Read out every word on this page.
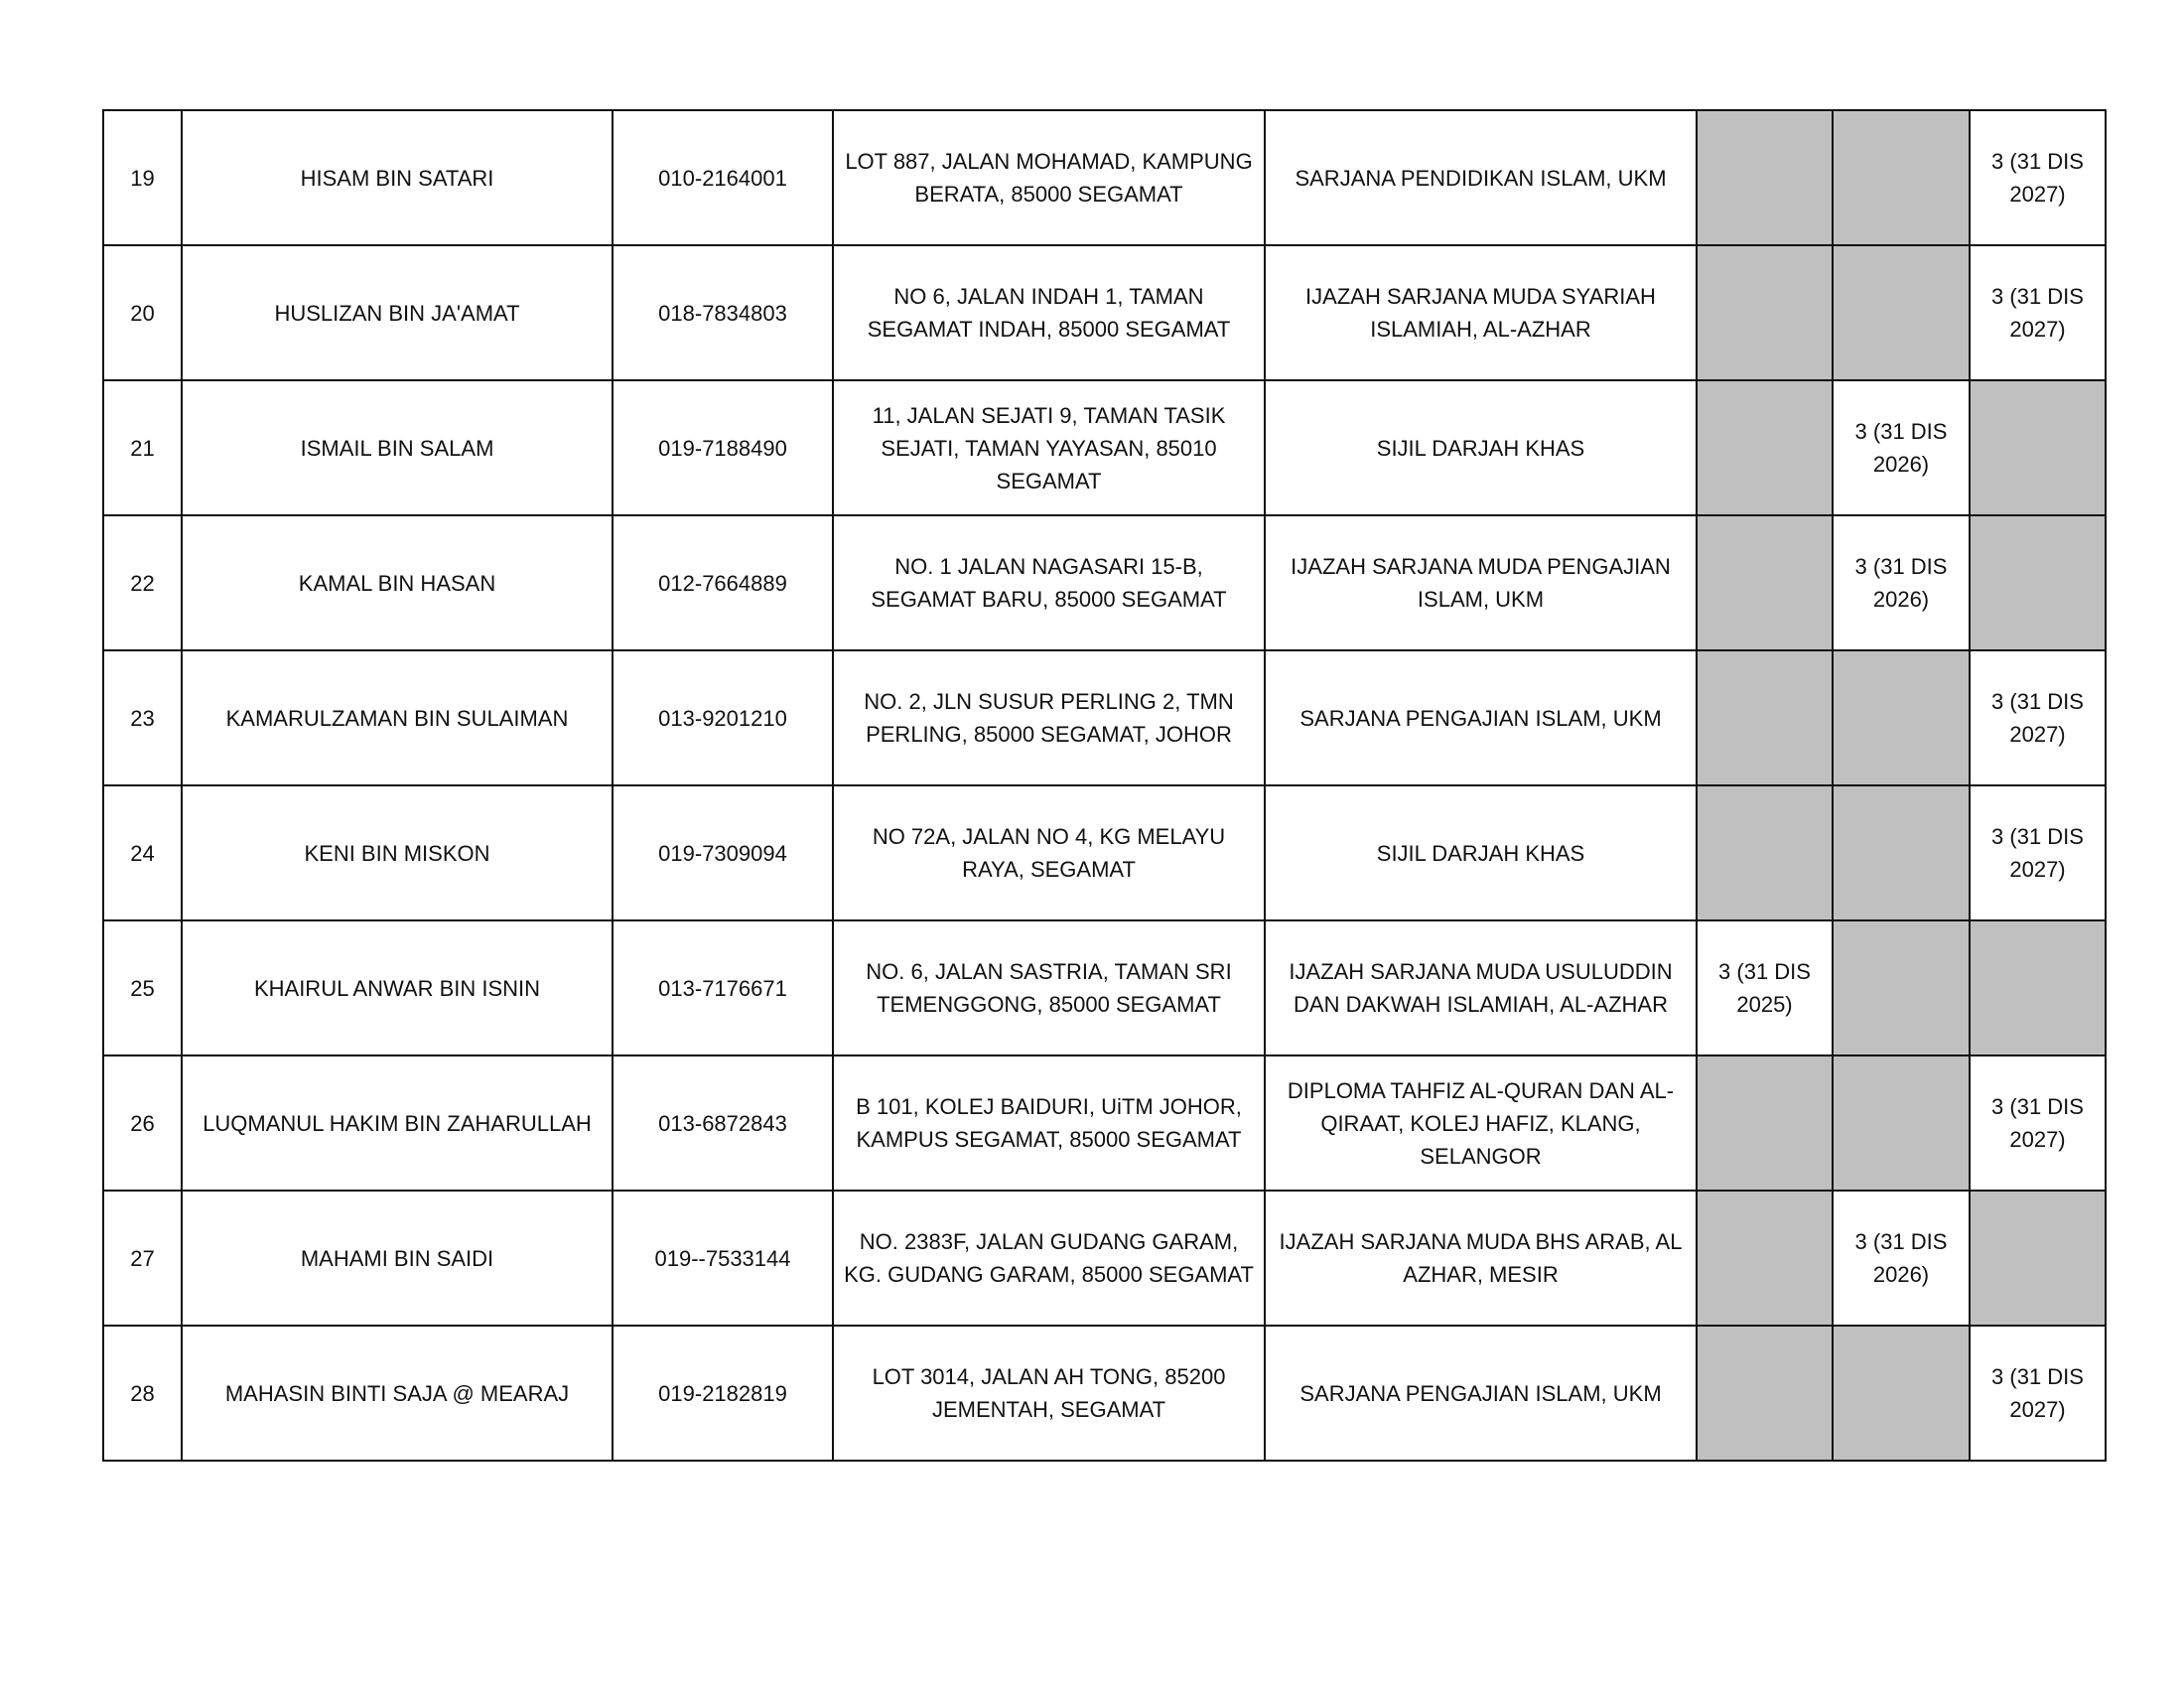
19	HISAM BIN SATARI	010-2164001	LOT 887, JALAN MOHAMAD, KAMPUNG BERATA, 85000 SEGAMAT	SARJANA PENDIDIKAN ISLAM, UKM			3 (31 DIS 2027)

20	HUSLIZAN BIN JA'AMAT	018-7834803	NO 6, JALAN INDAH 1, TAMAN SEGAMAT INDAH, 85000 SEGAMAT	IJAZAH SARJANA MUDA SYARIAH ISLAMIAH, AL-AZHAR			3 (31 DIS 2027)

21	ISMAIL BIN SALAM	019-7188490	11, JALAN SEJATI 9, TAMAN TASIK SEJATI, TAMAN YAYASAN, 85010 SEGAMAT	SIJIL DARJAH KHAS		3 (31 DIS 2026)	

22	KAMAL BIN HASAN	012-7664889	NO. 1 JALAN NAGASARI 15-B, SEGAMAT BARU, 85000 SEGAMAT	IJAZAH SARJANA MUDA PENGAJIAN ISLAM, UKM		3 (31 DIS 2026)	

23	KAMARULZAMAN BIN SULAIMAN	013-9201210	NO. 2, JLN SUSUR PERLING 2, TMN PERLING, 85000 SEGAMAT, JOHOR	SARJANA PENGAJIAN ISLAM, UKM			3 (31 DIS 2027)

24	KENI BIN MISKON	019-7309094	NO 72A, JALAN NO 4, KG MELAYU RAYA, SEGAMAT	SIJIL DARJAH KHAS			3 (31 DIS 2027)

25	KHAIRUL ANWAR BIN ISNIN	013-7176671	NO. 6, JALAN SASTRIA, TAMAN SRI TEMENGGONG, 85000 SEGAMAT	IJAZAH SARJANA MUDA USULUDDIN DAN DAKWAH ISLAMIAH, AL-AZHAR	3 (31 DIS 2025)		

26	LUQMANUL HAKIM BIN ZAHARULLAH	013-6872843	B 101, KOLEJ BAIDURI, UiTM JOHOR, KAMPUS SEGAMAT, 85000 SEGAMAT	DIPLOMA TAHFIZ AL-QURAN DAN AL-QIRAAT, KOLEJ HAFIZ, KLANG, SELANGOR			3 (31 DIS 2027)

27	MAHAMI BIN SAIDI	019--7533144	NO. 2383F, JALAN GUDANG GARAM, KG. GUDANG GARAM, 85000 SEGAMAT	IJAZAH SARJANA MUDA BHS ARAB, AL AZHAR, MESIR		3 (31 DIS 2026)	

28	MAHASIN BINTI SAJA @ MEARAJ	019-2182819	LOT 3014, JALAN AH TONG, 85200 JEMENTAH, SEGAMAT	SARJANA PENGAJIAN ISLAM, UKM			3 (31 DIS 2027)
